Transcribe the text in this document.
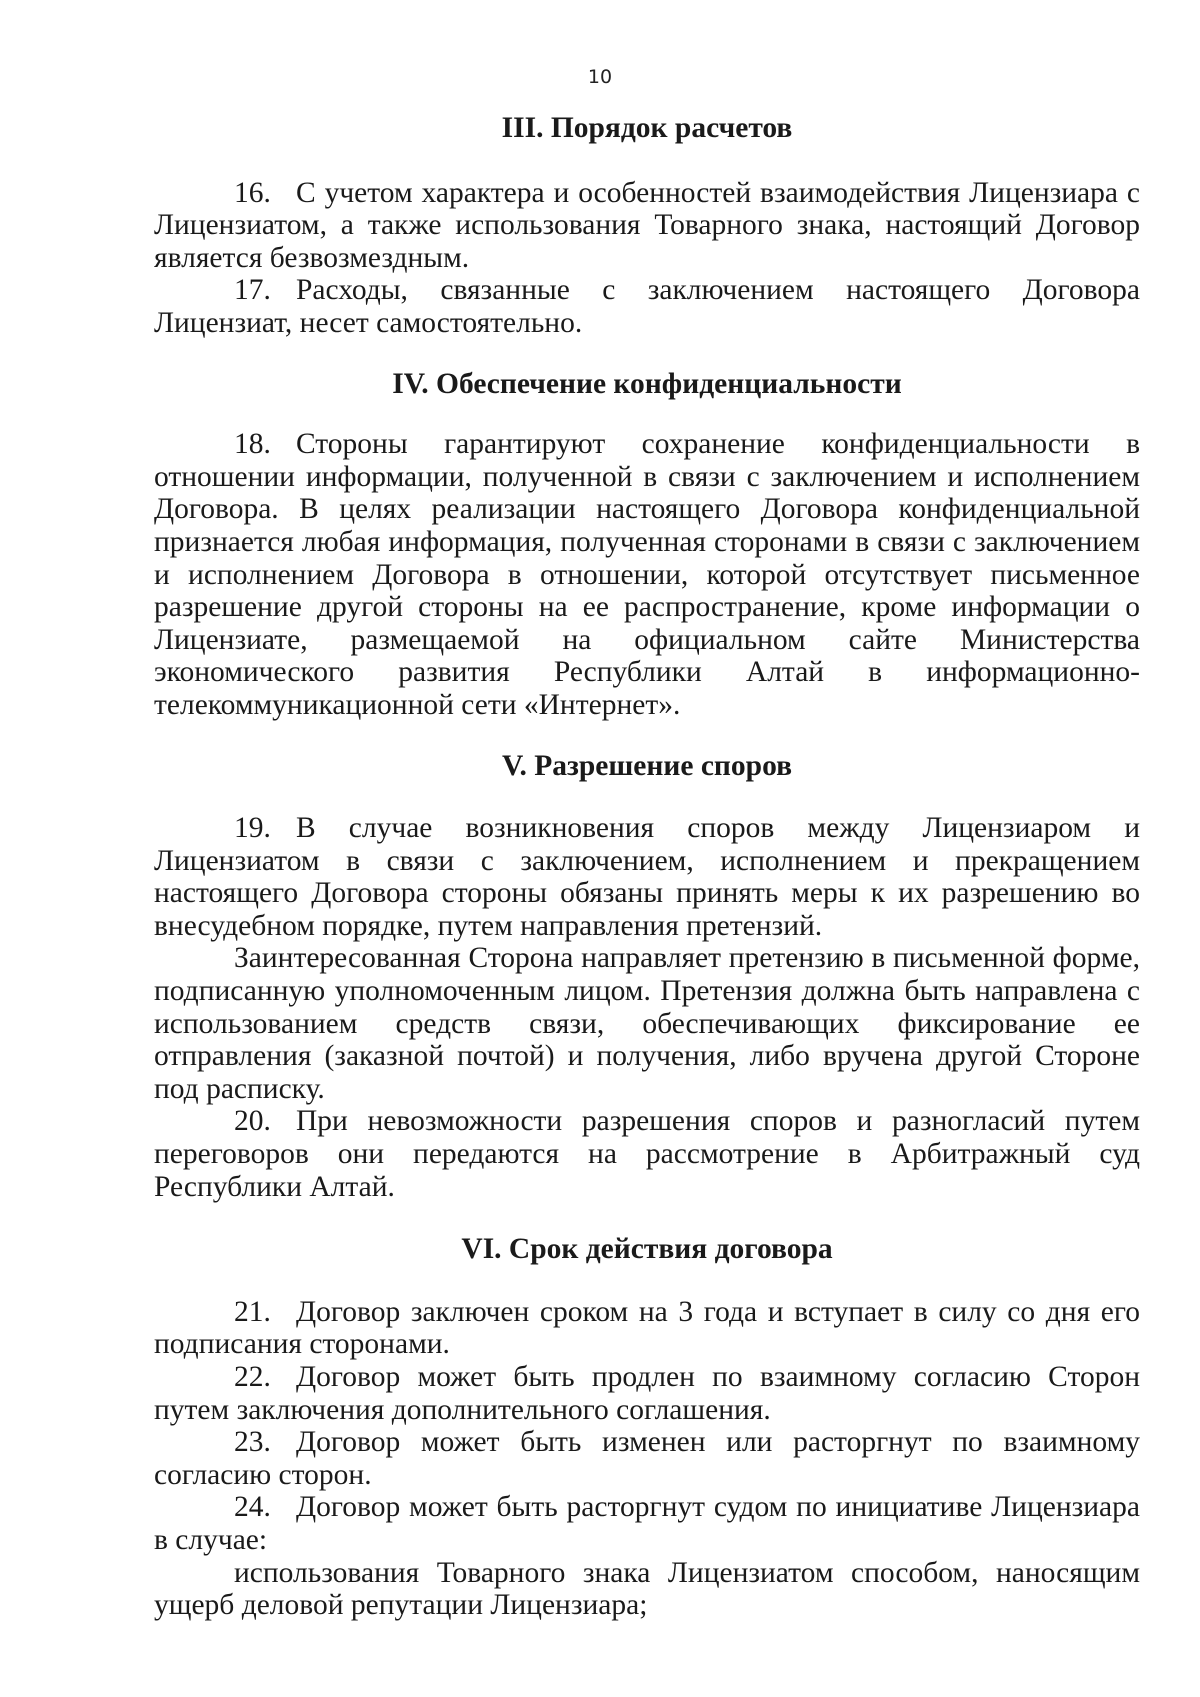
10
III. Порядок расчетов

16. С учетом характера и особенностей взаимодействия Лицензиара с Лицензиатом, а также использования Товарного знака, настоящий Договор является безвозмездным.

17. Расходы, связанные с заключением настоящего Договора Лицензиат, несет самостоятельно.

IV. Обеспечение конфиденциальности

18. Стороны гарантируют сохранение конфиденциальности в отношении информации, полученной в связи с заключением и исполнением Договора. В целях реализации настоящего Договора конфиденциальной признается любая информация, полученная сторонами в связи с заключением и исполнением Договора в отношении, которой отсутствует письменное разрешение другой стороны на ее распространение, кроме информации о Лицензиате, размещаемой на официальном сайте Министерства экономического развития Республики Алтай в информационно-телекоммуникационной сети «Интернет».

V. Разрешение споров

19. В случае возникновения споров между Лицензиаром и Лицензиатом в связи с заключением, исполнением и прекращением настоящего Договора стороны обязаны принять меры к их разрешению во внесудебном порядке, путем направления претензий.

Заинтересованная Сторона направляет претензию в письменной форме, подписанную уполномоченным лицом. Претензия должна быть направлена с использованием средств связи, обеспечивающих фиксирование ее отправления (заказной почтой) и получения, либо вручена другой Стороне под расписку.

20. При невозможности разрешения споров и разногласий путем переговоров они передаются на рассмотрение в Арбитражный суд Республики Алтай.

VI. Срок действия договора

21. Договор заключен сроком на 3 года и вступает в силу со дня его подписания сторонами.

22. Договор может быть продлен по взаимному согласию Сторон путем заключения дополнительного соглашения.

23. Договор может быть изменен или расторгнут по взаимному согласию сторон.

24. Договор может быть расторгнут судом по инициативе Лицензиара в случае:

использования Товарного знака Лицензиатом способом, наносящим ущерб деловой репутации Лицензиара;
